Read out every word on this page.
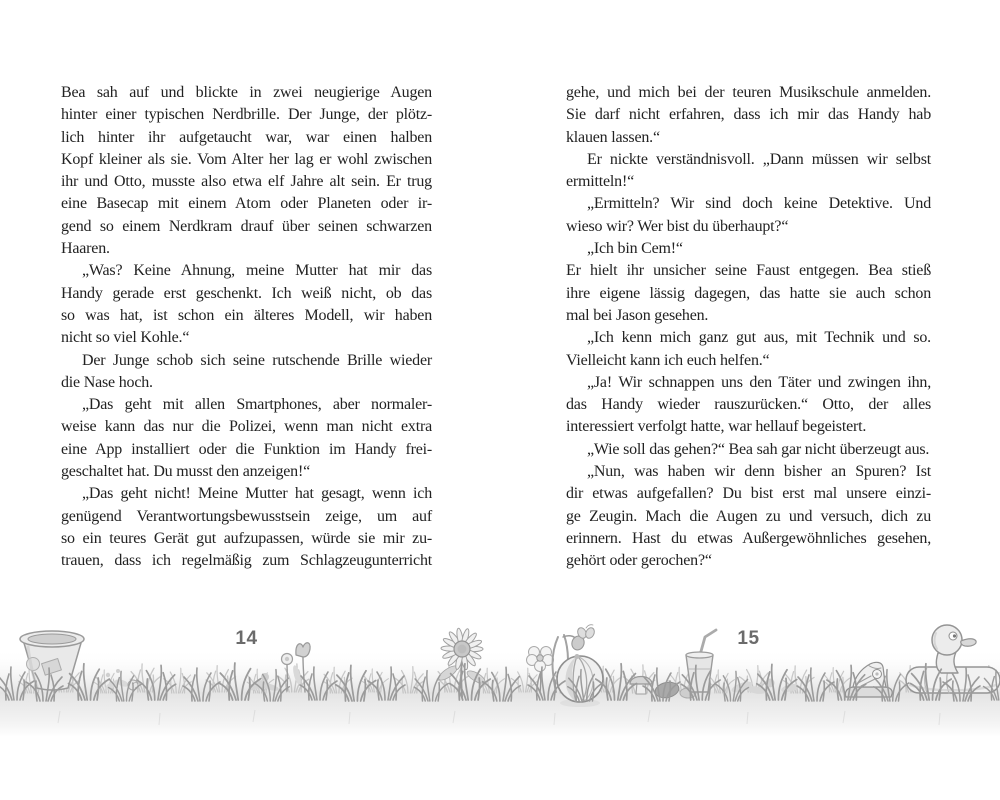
Bea sah auf und blickte in zwei neugierige Augen
hinter einer typischen Nerdbrille. Der Junge, der plötz-
lich hinter ihr aufgetaucht war, war einen halben
Kopf kleiner als sie. Vom Alter her lag er wohl zwischen
ihr und Otto, musste also etwa elf Jahre alt sein. Er trug
eine Basecap mit einem Atom oder Planeten oder ir-
gend so einem Nerdkram drauf über seinen schwarzen
Haaren.
„Was? Keine Ahnung, meine Mutter hat mir das
Handy gerade erst geschenkt. Ich weiß nicht, ob das
so was hat, ist schon ein älteres Modell, wir haben
nicht so viel Kohle.“
Der Junge schob sich seine rutschende Brille wieder
die Nase hoch.
„Das geht mit allen Smartphones, aber normaler-
weise kann das nur die Polizei, wenn man nicht extra
eine App installiert oder die Funktion im Handy frei-
geschaltet hat. Du musst den anzeigen!“
„Das geht nicht! Meine Mutter hat gesagt, wenn ich
genügend Verantwortungsbewusstsein zeige, um auf
so ein teures Gerät gut aufzupassen, würde sie mir zu-
trauen, dass ich regelmäßig zum Schlagzeugunterricht
gehe, und mich bei der teuren Musikschule anmelden.
Sie darf nicht erfahren, dass ich mir das Handy hab
klauen lassen.“
Er nickte verständnisvoll. „Dann müssen wir selbst
ermitteln!“
„Ermitteln? Wir sind doch keine Detektive. Und
wieso wir? Wer bist du überhaupt?“
„Ich bin Cem!“
Er hielt ihr unsicher seine Faust entgegen. Bea stieß
ihre eigene lässig dagegen, das hatte sie auch schon
mal bei Jason gesehen.
„Ich kenn mich ganz gut aus, mit Technik und so.
Vielleicht kann ich euch helfen.“
„Ja! Wir schnappen uns den Täter und zwingen ihn,
das Handy wieder rauszurücken.“ Otto, der alles
interessiert verfolgt hatte, war hellauf begeistert.
„Wie soll das gehen?“ Bea sah gar nicht überzeugt aus.
„Nun, was haben wir denn bisher an Spuren? Ist
dir etwas aufgefallen? Du bist erst mal unsere einzi-
ge Zeugin. Mach die Augen zu und versuch, dich zu
erinnern. Hast du etwas Außergewöhnliches gesehen,
gehört oder gerochen?“
14	15
